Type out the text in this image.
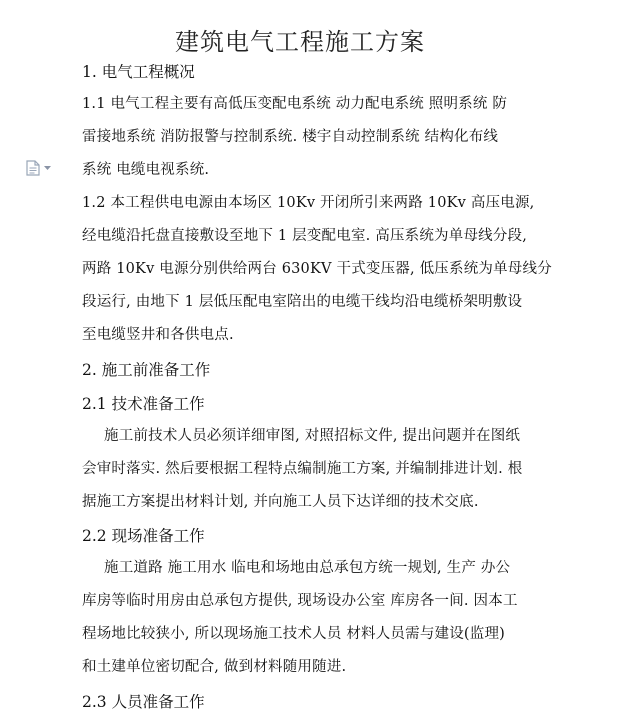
建筑电气工程施工方案
1. 电气工程概况
1.1 电气工程主要有高低压变配电系统 动力配电系统 照明系统 防
雷接地系统 消防报警与控制系统. 楼宇自动控制系统 结构化布线
系统 电缆电视系统.
1.2 本工程供电电源由本场区 10Kv 开闭所引来两路 10Kv 高压电源,
经电缆沿托盘直接敷设至地下 1 层变配电室. 高压系统为单母线分段,
两路 10Kv 电源分别供给两台 630KV 干式变压器, 低压系统为单母线分
段运行, 由地下 1 层低压配电室陪出的电缆干线均沿电缆桥架明敷设
至电缆竖井和各供电点.
2. 施工前准备工作
2.1 技术准备工作
施工前技术人员必须详细审图, 对照招标文件, 提出问题并在图纸
会审时落实. 然后要根据工程特点编制施工方案, 并编制排进计划. 根
据施工方案提出材料计划, 并向施工人员下达详细的技术交底.
2.2 现场准备工作
施工道路 施工用水 临电和场地由总承包方统一规划, 生产 办公
库房等临时用房由总承包方提供, 现场设办公室 库房各一间. 因本工
程场地比较狭小, 所以现场施工技术人员 材料人员需与建设(监理)
和土建单位密切配合, 做到材料随用随进.
2.3 人员准备工作
